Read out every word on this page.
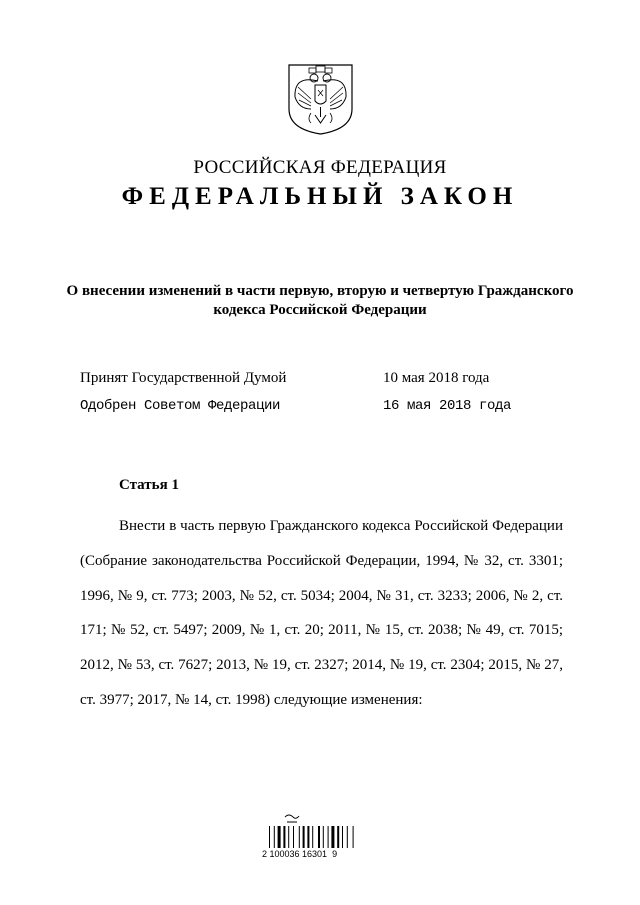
РОССИЙСКАЯ ФЕДЕРАЦИЯ
ФЕДЕРАЛЬНЫЙ ЗАКОН
О внесении изменений в части первую, вторую и четвертую Гражданского кодекса Российской Федерации
Принят Государственной Думой	10 мая 2018 года
Одобрен Советом Федерации	16 мая 2018 года
Статья 1

Внести в часть первую Гражданского кодекса Российской Федерации (Собрание законодательства Российской Федерации, 1994, № 32, ст. 3301; 1996, № 9, ст. 773; 2003, № 52, ст. 5034; 2004, № 31, ст. 3233; 2006, № 2, ст. 171; № 52, ст. 5497; 2009, № 1, ст. 20; 2011, № 15, ст. 2038; № 49, ст. 7015; 2012, № 53, ст. 7627; 2013, № 19, ст. 2327; 2014, № 19, ст. 2304; 2015, № 27, ст. 3977; 2017, № 14, ст. 1998) следующие изменения:

2 100036 16301  9
